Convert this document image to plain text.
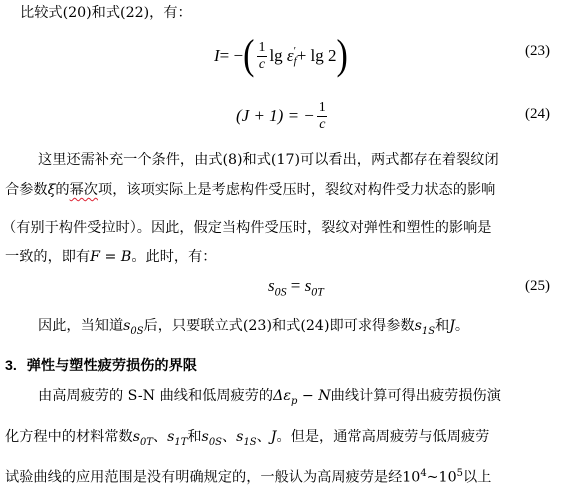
比较式(20)和式(22)，有：
I = − ( $\frac{1}{c}$ lg
ε ′
f + lg 2 )	(23)
(J + 1) = − $\frac{1}{c}$	(24)
这里还需补充一个条件，由式(8)和式(17)可以看出，两式都存在着裂纹闭
合参数ξ的幂次项，该项实际上是考虑构件受压时，裂纹对构件受力状态的影响
（有别于构件受拉时）。因此，假定当构件受压时，裂纹对弹性和塑性的影响是
一致的，即有F = B。此时，有：
$s_{0S} = s_{0T}$	(25)
因此，当知道$s_{0S}$后，只要联立式(23)和式(24)即可求得参数$s_{1S}$和J。
3. 弹性与塑性疲劳损伤的界限
由高周疲劳的 S-N 曲线和低周疲劳的$\Delta\varepsilon_p - N$曲线计算可得出疲劳损伤演
化方程中的材料常数$s_{0T}$、$s_{1T}$和$s_{0S}$、$s_{1S}$、J。但是，通常高周疲劳与低周疲劳
试验曲线的应用范围是没有明确规定的，一般认为高周疲劳是经$10^4\sim 10^5$以上
